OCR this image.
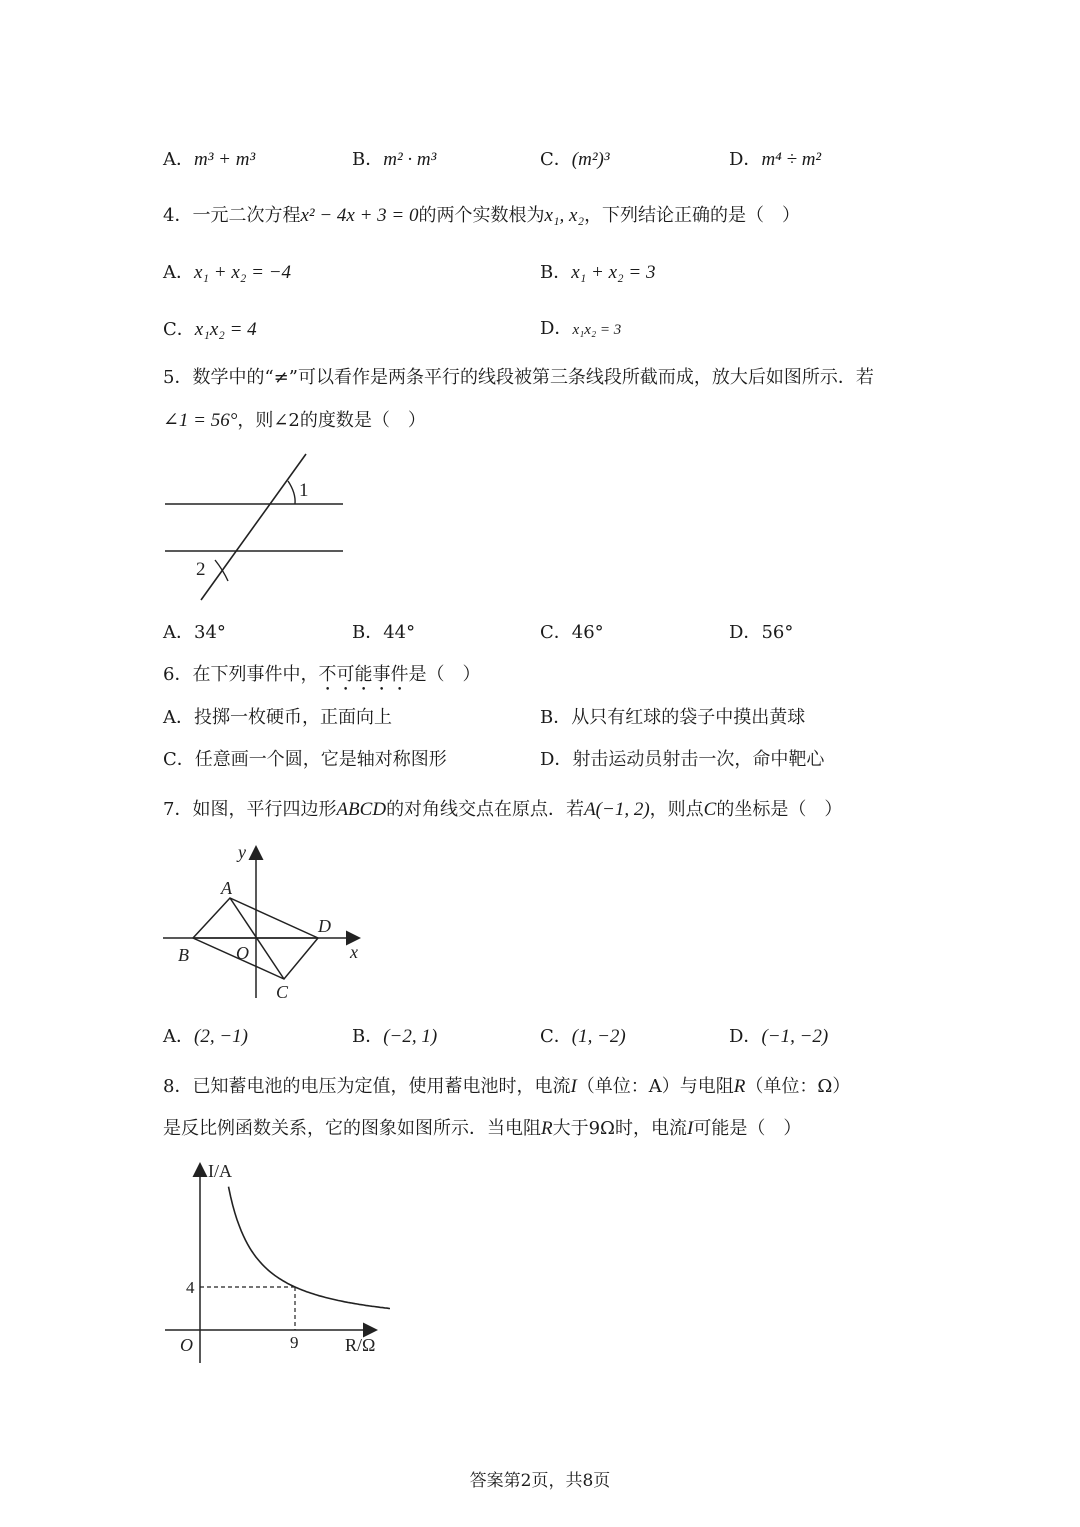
A．m³ + m³	B．m² · m³	C．(m²)³	D．m⁴ ÷ m²
4．一元二次方程x² − 4x + 3 = 0的两个实数根为x₁, x₂，下列结论正确的是（　）
A．x₁ + x₂ = −4	B．x₁ + x₂ = 3
C．x₁x₂ = 4	D．x₁x₂ = 3
5．数学中的“≠”可以看作是两条平行的线段被第三条线段所截而成，放大后如图所示．若
∠1 = 56°，则∠2的度数是（　）
1
2
A．34°	B．44°	C．46°	D．56°
6．在下列事件中，不可能事件是（　）
A．投掷一枚硬币，正面向上	B．从只有红球的袋子中摸出黄球
C．任意画一个圆，它是轴对称图形	D．射击运动员射击一次，命中靶心
7．如图，平行四边形ABCD的对角线交点在原点．若A(−1, 2)，则点C的坐标是（　）
y
x
A
B
C
D
O
A．(2, −1)	B．(−2, 1)	C．(1, −2)	D．(−1, −2)
8．已知蓄电池的电压为定值，使用蓄电池时，电流I（单位：A）与电阻R（单位：Ω）
是反比例函数关系，它的图象如图所示．当电阻R大于9Ω时，电流I可能是（　）
I/A
R/Ω
O
4
9
答案第2页，共8页
